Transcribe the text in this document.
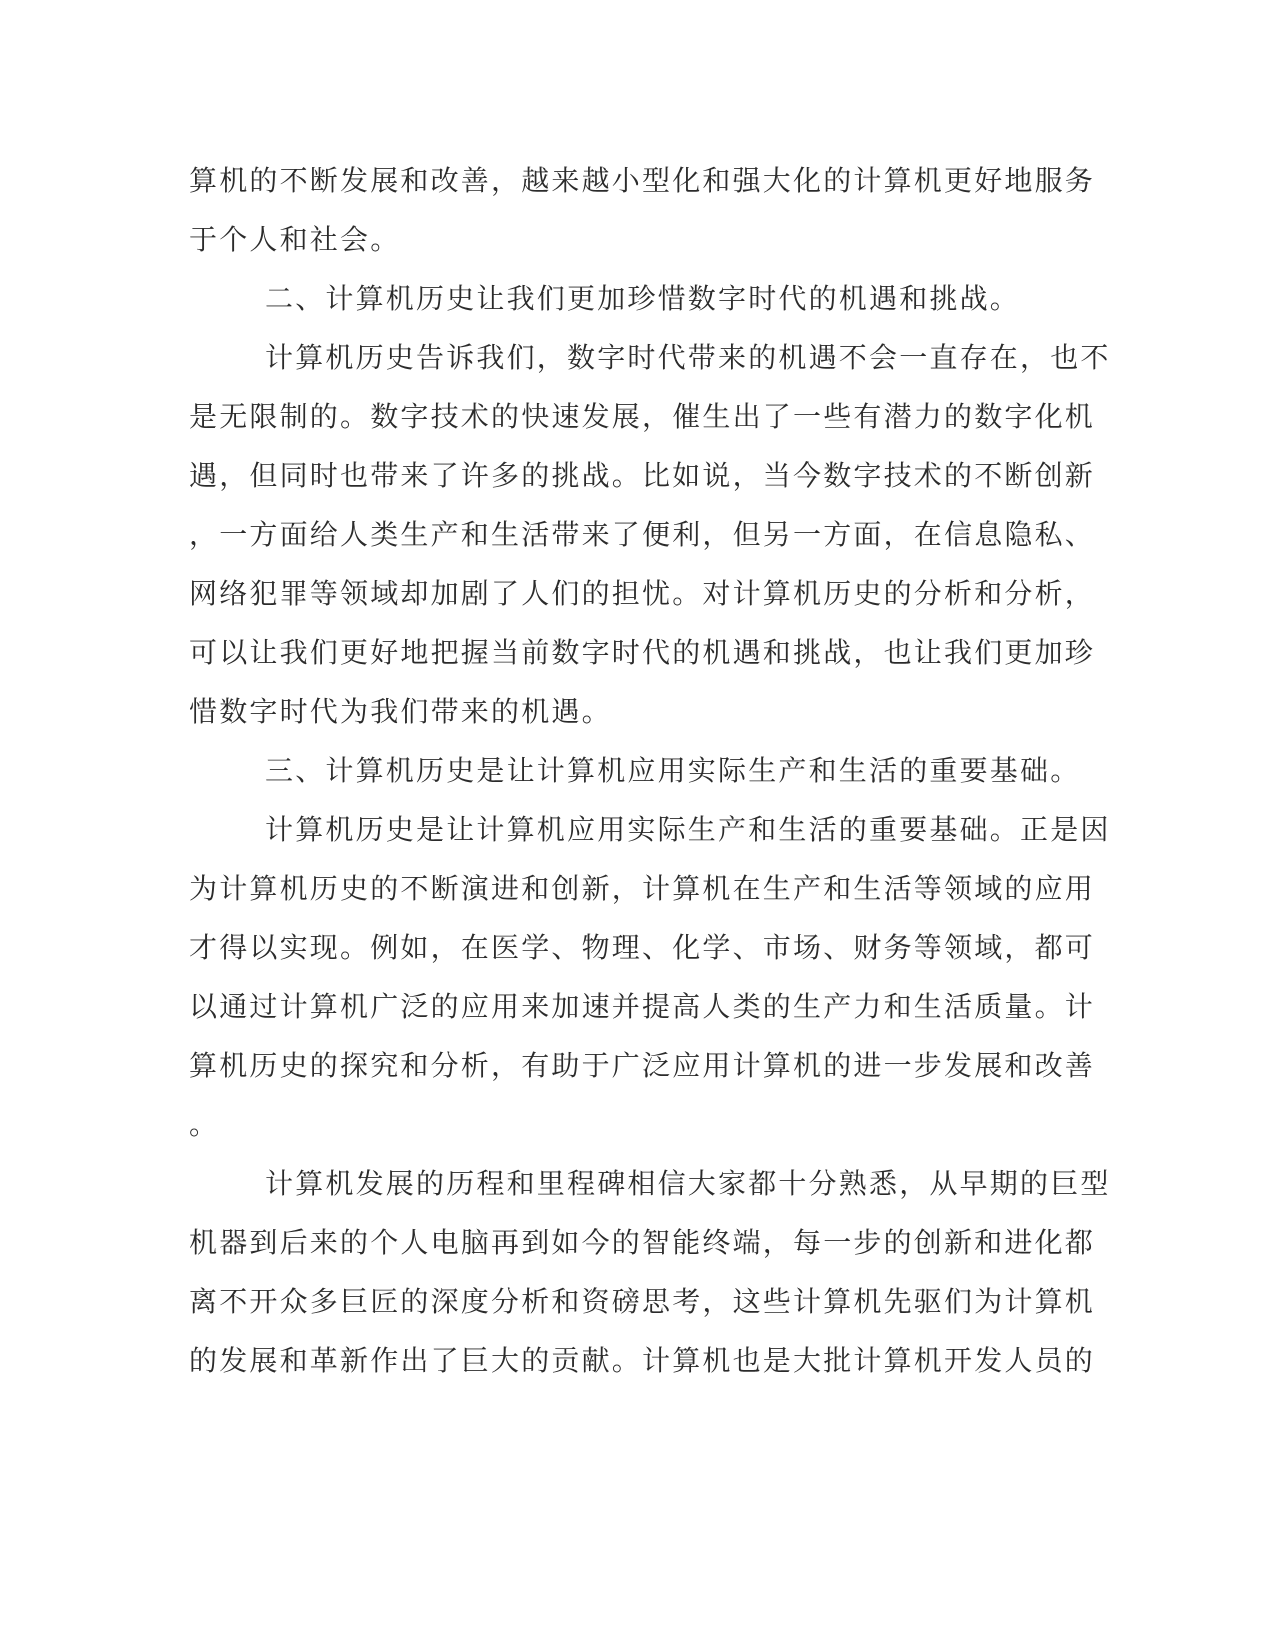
算机的不断发展和改善，越来越小型化和强大化的计算机更好地服务
于个人和社会。
二、计算机历史让我们更加珍惜数字时代的机遇和挑战。
计算机历史告诉我们，数字时代带来的机遇不会一直存在，也不
是无限制的。数字技术的快速发展，催生出了一些有潜力的数字化机
遇，但同时也带来了许多的挑战。比如说，当今数字技术的不断创新
，一方面给人类生产和生活带来了便利，但另一方面，在信息隐私、
网络犯罪等领域却加剧了人们的担忧。对计算机历史的分析和分析，
可以让我们更好地把握当前数字时代的机遇和挑战，也让我们更加珍
惜数字时代为我们带来的机遇。
三、计算机历史是让计算机应用实际生产和生活的重要基础。
计算机历史是让计算机应用实际生产和生活的重要基础。正是因
为计算机历史的不断演进和创新，计算机在生产和生活等领域的应用
才得以实现。例如，在医学、物理、化学、市场、财务等领域，都可
以通过计算机广泛的应用来加速并提高人类的生产力和生活质量。计
算机历史的探究和分析，有助于广泛应用计算机的进一步发展和改善
。
计算机发展的历程和里程碑相信大家都十分熟悉，从早期的巨型
机器到后来的个人电脑再到如今的智能终端，每一步的创新和进化都
离不开众多巨匠的深度分析和资磅思考，这些计算机先驱们为计算机
的发展和革新作出了巨大的贡献。计算机也是大批计算机开发人员的
